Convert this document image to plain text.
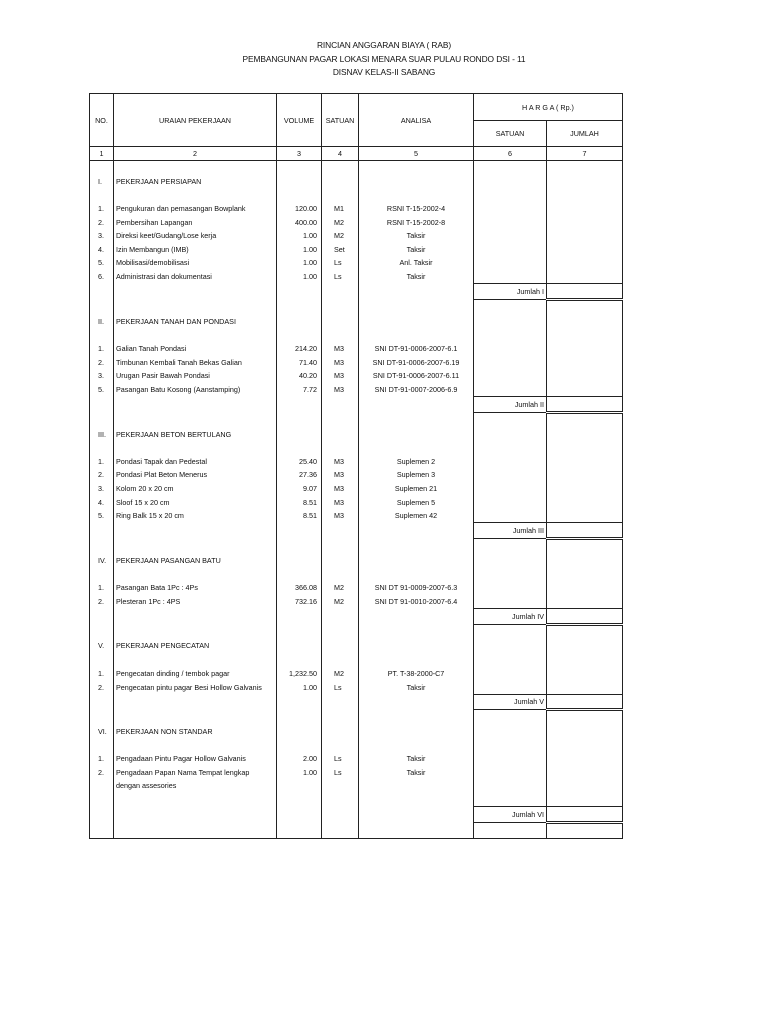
RINCIAN ANGGARAN BIAYA ( RAB)
PEMBANGUNAN PAGAR LOKASI MENARA SUAR PULAU RONDO DSI - 11
DISNAV KELAS-II SABANG
NO.	URAIAN PEKERJAAN	VOLUME	SATUAN	ANALISA	H A R G A ( Rp.)	
					SATUAN	JUMLAH
1	2	3	4	5	6	7

I.	PEKERJAAN PERSIAPAN					

1.	Pengukuran dan pemasangan Bowplank	120.00	M1	RSNI T-15-2002-4		
2.	Pembersihan Lapangan	400.00	M2	RSNI T-15-2002-8		
3.	Direksi keet/Gudang/Lose kerja	1.00	M2	Taksir		
4.	Izin Membangun (IMB)	1.00	Set	Taksir		
5.	Mobilisasi/demobilisasi	1.00	Ls	Anl. Taksir		
6.	Administrasi dan dokumentasi	1.00	Ls	Taksir		
					Jumlah I	

II.	PEKERJAAN TANAH DAN PONDASI					

1.	Galian Tanah Pondasi	214.20	M3	SNI DT-91-0006-2007-6.1		
2.	Timbunan Kembali Tanah Bekas Galian	71.40	M3	SNI DT-91-0006-2007-6.19		
3.	Urugan Pasir Bawah Pondasi	40.20	M3	SNI DT-91-0006-2007-6.11		
5.	Pasangan Batu Kosong (Aanstamping)	7.72	M3	SNI DT-91-0007-2006-6.9		
					Jumlah II	

III.	PEKERJAAN BETON BERTULANG					

1.	Pondasi Tapak dan Pedestal	25.40	M3	Suplemen 2		
2.	Pondasi Plat Beton Menerus	27.36	M3	Suplemen 3		
3.	Kolom 20 x 20 cm	9.07	M3	Suplemen 21		
4.	Sloof 15 x 20 cm	8.51	M3	Suplemen 5		
5.	Ring Balk 15 x 20 cm	8.51	M3	Suplemen 42		
					Jumlah III	

IV.	PEKERJAAN PASANGAN BATU					

1.	Pasangan Bata 1Pc : 4Ps	366.08	M2	SNI DT 91-0009-2007-6.3		
2.	Plesteran 1Pc : 4PS	732.16	M2	SNI DT 91-0010-2007-6.4		
					Jumlah IV	

V.	PEKERJAAN PENGECATAN					

1.	Pengecatan dinding / tembok pagar	1,232.50	M2	PT. T-38-2000-C7		
2.	Pengecatan pintu pagar Besi Hollow Galvanis	1.00	Ls	Taksir		
					Jumlah V	

VI.	PEKERJAAN NON STANDAR					

1.	Pengadaan Pintu Pagar Hollow Galvanis	2.00	Ls	Taksir		
2.	Pengadaan Papan Nama Tempat lengkap	1.00	Ls	Taksir		
	dengan assesories					

					Jumlah VI	
